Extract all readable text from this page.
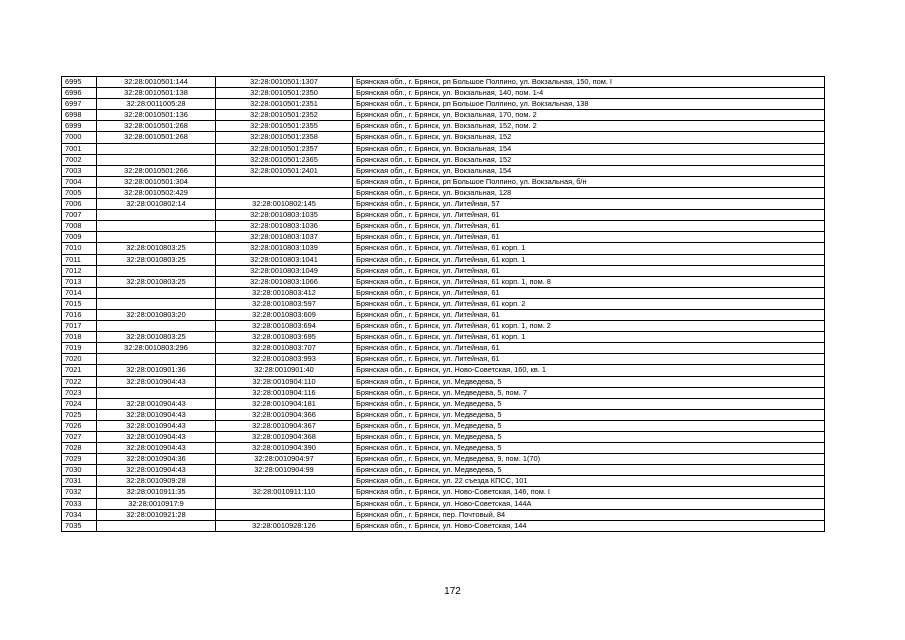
6995	32:28:0010501:144	32:28:0010501:1307	Брянская обл., г. Брянск, рп Большое Полпино, ул. Вокзальная, 150, пом. I
6996	32:28:0010501:138	32:28:0010501:2350	Брянская обл., г. Брянск, ул. Вокзальная, 140, пом. 1-4
6997	32:28:0011005:28	32:28:0010501:2351	Брянская обл., г. Брянск, рп Большое Полпино, ул. Вокзальная, 138
6998	32:28:0010501:136	32:28:0010501:2352	Брянская обл., г. Брянск, ул. Вокзальная, 170, пом. 2
6999	32:28:0010501:268	32:28:0010501:2355	Брянская обл., г. Брянск, ул. Вокзальная, 152, пом. 2
7000	32:28:0010501:268	32:28:0010501:2358	Брянская обл., г. Брянск, ул. Вокзальная, 152
7001		32:28:0010501:2357	Брянская обл., г. Брянск, ул. Вокзальная, 154
7002		32:28:0010501:2365	Брянская обл., г. Брянск, ул. Вокзальная, 152
7003	32:28:0010501:266	32:28:0010501:2401	Брянская обл., г. Брянск, ул. Вокзальная, 154
7004	32:28:0010501:304		Брянская обл., г. Брянск, рп Большое Полпино, ул. Вокзальная, б/н
7005	32:28:0010502:429		Брянская обл., г. Брянск, ул. Вокзальная, 128
7006	32:28:0010802:14	32:28:0010802:145	Брянская обл., г. Брянск, ул. Литейная, 57
7007		32:28:0010803:1035	Брянская обл., г. Брянск, ул. Литейная, 61
7008		32:28:0010803:1036	Брянская обл., г. Брянск, ул. Литейная, 61
7009		32:28:0010803:1037	Брянская обл., г. Брянск, ул. Литейная, 61
7010	32:28:0010803:25	32:28:0010803:1039	Брянская обл., г. Брянск, ул. Литейная, 61 корп. 1
7011	32:28:0010803:25	32:28:0010803:1041	Брянская обл., г. Брянск, ул. Литейная, 61 корп. 1
7012		32:28:0010803:1049	Брянская обл., г. Брянск, ул. Литейная, 61
7013	32:28:0010803:25	32:28:0010803:1066	Брянская обл., г. Брянск, ул. Литейная, 61 корп. 1, пом. 8
7014		32:28:0010803:412	Брянская обл., г. Брянск, ул. Литейная, 61
7015		32:28:0010803:597	Брянская обл., г. Брянск, ул. Литейная, 61 корп. 2
7016	32:28:0010803:20	32:28:0010803:609	Брянская обл., г. Брянск, ул. Литейная, 61
7017		32:28:0010803:694	Брянская обл., г. Брянск, ул. Литейная, 61 корп. 1, пом. 2
7018	32:28:0010803:25	32:28:0010803:695	Брянская обл., г. Брянск, ул. Литейная, 61 корп. 1
7019	32:28:0010803:296	32:28:0010803:707	Брянская обл., г. Брянск, ул. Литейная, 61
7020		32:28:0010803:993	Брянская обл., г. Брянск, ул. Литейная, 61
7021	32:28:0010901:36	32:28:0010901:40	Брянская обл., г. Брянск, ул. Ново-Советская, 160, кв. 1
7022	32:28:0010904:43	32:28:0010904:110	Брянская обл., г. Брянск, ул. Медведева, 5
7023		32:28:0010904:116	Брянская обл., г. Брянск, ул. Медведева, 5, пом. 7
7024	32:28:0010904:43	32:28:0010904:181	Брянская обл., г. Брянск, ул. Медведева, 5
7025	32:28:0010904:43	32:28:0010904:366	Брянская обл., г. Брянск, ул. Медведева, 5
7026	32:28:0010904:43	32:28:0010904:367	Брянская обл., г. Брянск, ул. Медведева, 5
7027	32:28:0010904:43	32:28:0010904:368	Брянская обл., г. Брянск, ул. Медведева, 5
7028	32:28:0010904:43	32:28:0010904:390	Брянская обл., г. Брянск, ул. Медведева, 5
7029	32:28:0010904:36	32:28:0010904:97	Брянская обл., г. Брянск, ул. Медведева, 9, пом. 1(70)
7030	32:28:0010904:43	32:28:0010904:99	Брянская обл., г. Брянск, ул. Медведева, 5
7031	32:28:0010909:28		Брянская обл., г. Брянск, ул. 22 съезда КПСС, 101
7032	32:28:0010911:35	32:28:0010911:110	Брянская обл., г. Брянск, ул. Ново-Советская, 146, пом. I
7033	32:28:0010917:9		Брянская обл., г. Брянск, ул. Ново-Советская, 144А
7034	32:28:0010921:28		Брянская обл., г. Брянск, пер. Почтовый, 84
7035		32:28:0010928:126	Брянская обл., г. Брянск, ул. Ново-Советская, 144
172
